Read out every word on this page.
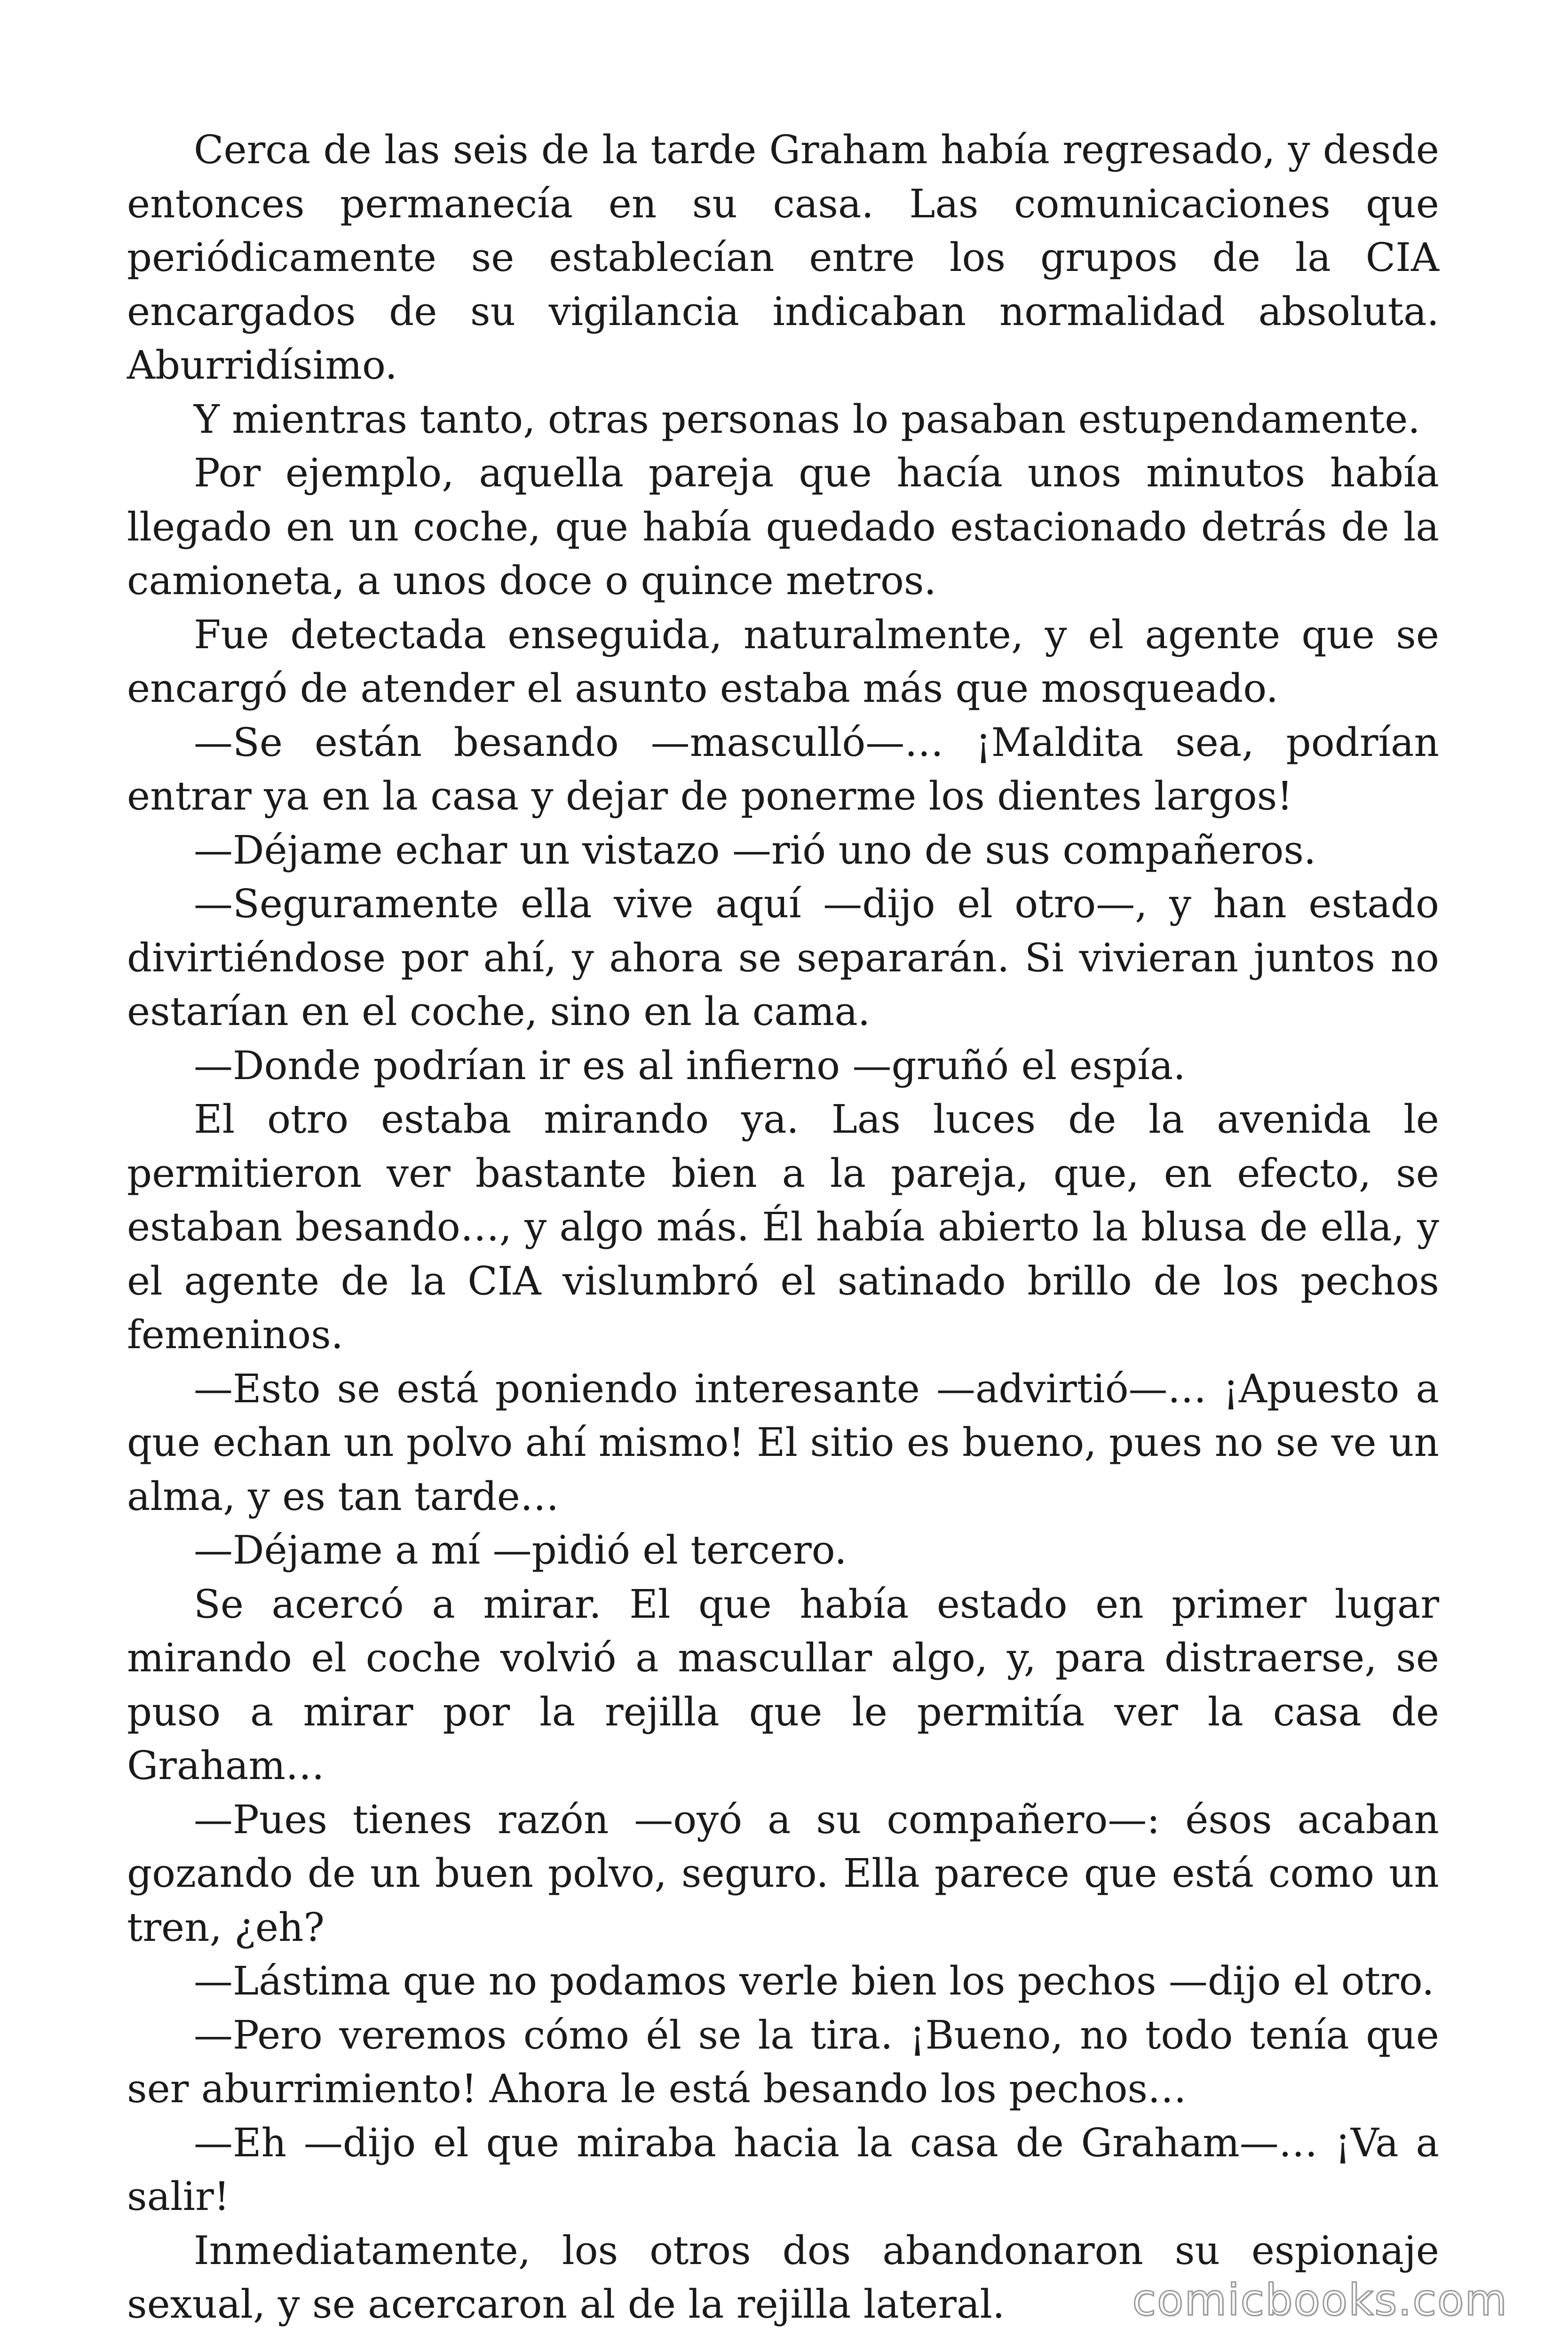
Cerca de las seis de la tarde Graham había regresado, y desde entonces permanecía en su casa. Las comunicaciones que periódicamente se establecían entre los grupos de la CIA encargados de su vigilancia indicaban normalidad absoluta. Aburridísimo.

Y mientras tanto, otras personas lo pasaban estupendamente.

Por ejemplo, aquella pareja que hacía unos minutos había llegado en un coche, que había quedado estacionado detrás de la camioneta, a unos doce o quince metros.

Fue detectada enseguida, naturalmente, y el agente que se encargó de atender el asunto estaba más que mosqueado.

—Se están besando —masculló—… ¡Maldita sea, podrían entrar ya en la casa y dejar de ponerme los dientes largos!

—Déjame echar un vistazo —rió uno de sus compañeros.

—Seguramente ella vive aquí —dijo el otro—, y han estado divirtiéndose por ahí, y ahora se separarán. Si vivieran juntos no estarían en el coche, sino en la cama.

—Donde podrían ir es al infierno —gruñó el espía.

El otro estaba mirando ya. Las luces de la avenida le permitieron ver bastante bien a la pareja, que, en efecto, se estaban besando…, y algo más. Él había abierto la blusa de ella, y el agente de la CIA vislumbró el satinado brillo de los pechos femeninos.

—Esto se está poniendo interesante —advirtió—… ¡Apuesto a que echan un polvo ahí mismo! El sitio es bueno, pues no se ve un alma, y es tan tarde…

—Déjame a mí —pidió el tercero.

Se acercó a mirar. El que había estado en primer lugar mirando el coche volvió a mascullar algo, y, para distraerse, se puso a mirar por la rejilla que le permitía ver la casa de Graham…

—Pues tienes razón —oyó a su compañero—: ésos acaban gozando de un buen polvo, seguro. Ella parece que está como un tren, ¿eh?

—Lástima que no podamos verle bien los pechos —dijo el otro.

—Pero veremos cómo él se la tira. ¡Bueno, no todo tenía que ser aburrimiento! Ahora le está besando los pechos…

—Eh —dijo el que miraba hacia la casa de Graham—… ¡Va a salir!

Inmediatamente, los otros dos abandonaron su espionaje sexual, y se acercaron al de la rejilla lateral.	comicbooks.com
